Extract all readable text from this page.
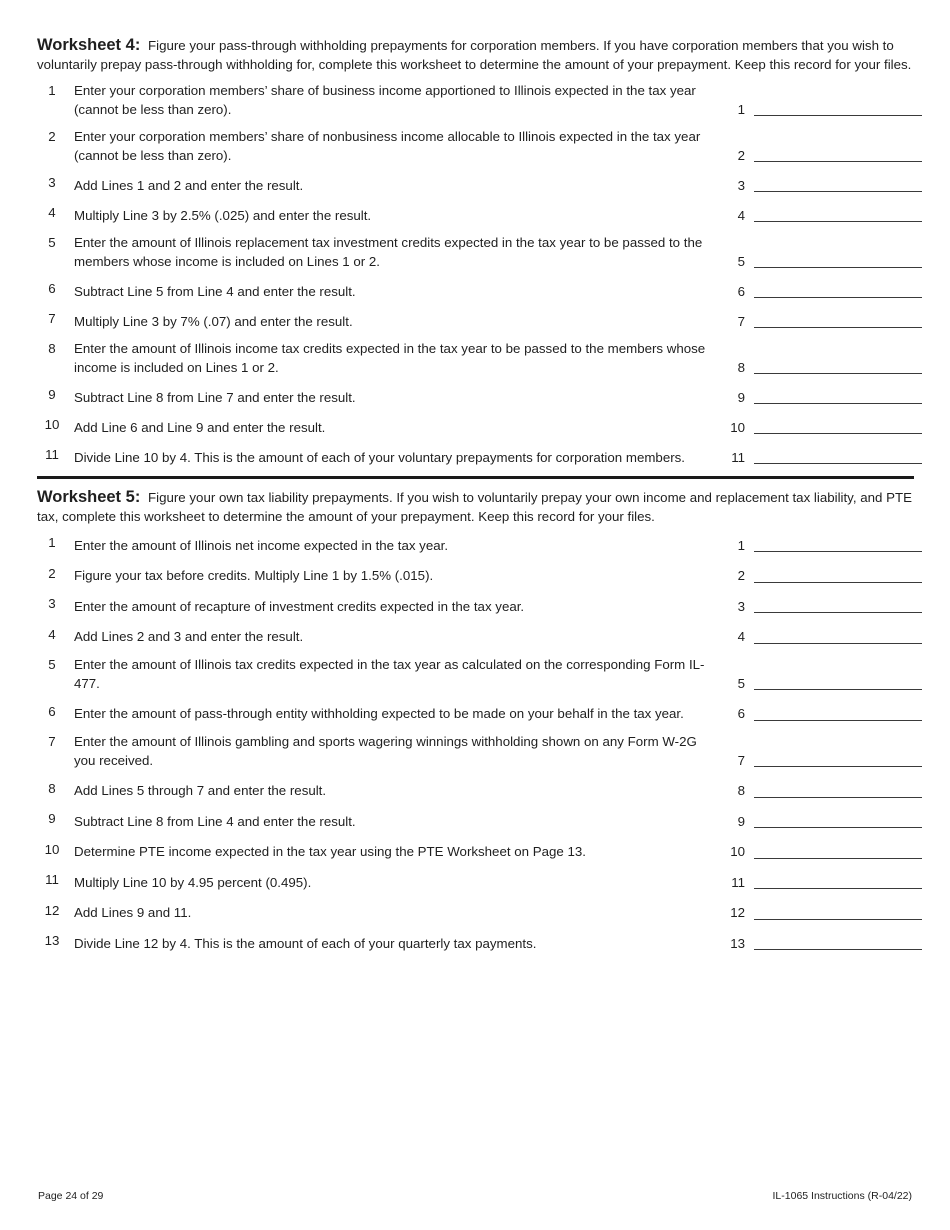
Worksheet 4: Figure your pass-through withholding prepayments for corporation members. If you have corporation members that you wish to voluntarily prepay pass-through withholding for, complete this worksheet to determine the amount of your prepayment. Keep this record for your files.

1	Enter your corporation members’ share of business income apportioned to Illinois expected in the tax year (cannot be less than zero).	1
2	Enter your corporation members’ share of nonbusiness income allocable to Illinois expected in the tax year (cannot be less than zero).	2
3	Add Lines 1 and 2 and enter the result.	3
4	Multiply Line 3 by 2.5% (.025) and enter the result.	4
5	Enter the amount of Illinois replacement tax investment credits expected in the tax year to be passed to the members whose income is included on Lines 1 or 2.	5
6	Subtract Line 5 from Line 4 and enter the result.	6
7	Multiply Line 3 by 7% (.07) and enter the result.	7
8	Enter the amount of Illinois income tax credits expected in the tax year to be passed to the members whose income is included on Lines 1 or 2.	8
9	Subtract Line 8 from Line 7 and enter the result.	9
10	Add Line 6 and Line 9 and enter the result.	10
11	Divide Line 10 by 4. This is the amount of each of your voluntary prepayments for corporation members.	11

Worksheet 5: Figure your own tax liability prepayments. If you wish to voluntarily prepay your own income and replacement tax liability, and PTE tax, complete this worksheet to determine the amount of your prepayment. Keep this record for your files.

1	Enter the amount of Illinois net income expected in the tax year.	1
2	Figure your tax before credits. Multiply Line 1 by 1.5% (.015).	2
3	Enter the amount of recapture of investment credits expected in the tax year.	3
4	Add Lines 2 and 3 and enter the result.	4
5	Enter the amount of Illinois tax credits expected in the tax year as calculated on the corresponding Form IL-477.	5
6	Enter the amount of pass-through entity withholding expected to be made on your behalf in the tax year.	6
7	Enter the amount of Illinois gambling and sports wagering winnings withholding shown on any Form W-2G you received.	7
8	Add Lines 5 through 7 and enter the result.	8
9	Subtract Line 8 from Line 4 and enter the result.	9
10	Determine PTE income expected in the tax year using the PTE Worksheet on Page 13.	10
11	Multiply Line 10 by 4.95 percent (0.495).	11
12	Add Lines 9 and 11.	12
13	Divide Line 12 by 4. This is the amount of each of your quarterly tax payments.	13
Page 24 of 29	IL-1065 Instructions (R-04/22)
